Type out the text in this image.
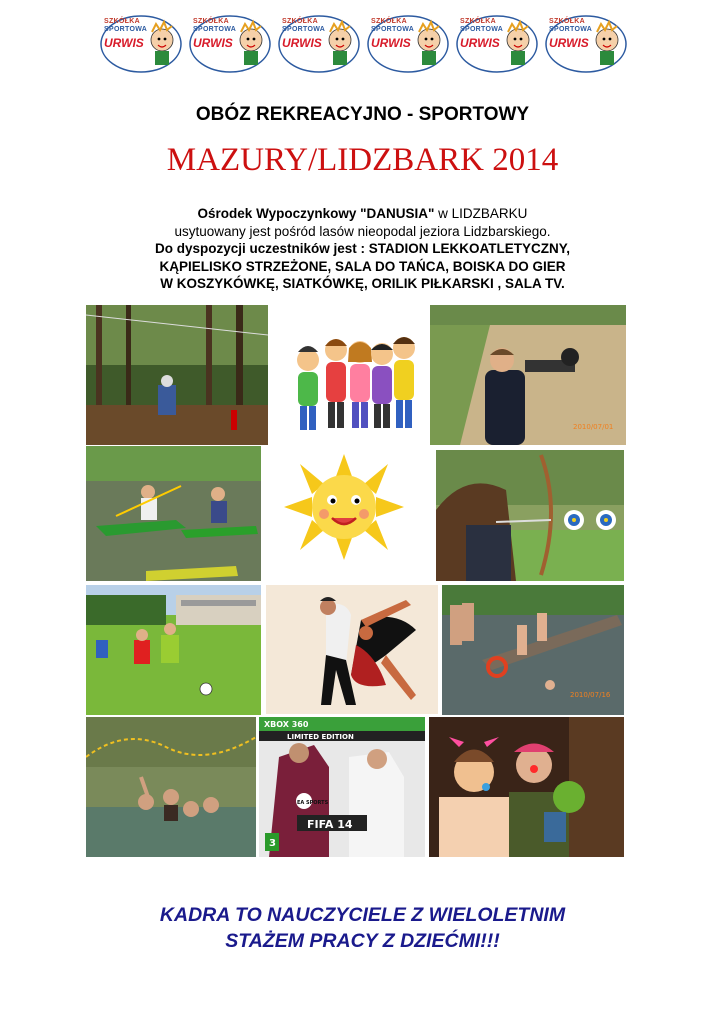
SZKÓŁKA
SPORTOWA
URWIS
SZKÓŁKA
SPORTOWA
URWIS
SZKÓŁKA
SPORTOWA
URWIS
SZKÓŁKA
SPORTOWA
URWIS
SZKÓŁKA
SPORTOWA
URWIS
SZKÓŁKA
SPORTOWA
URWIS
OBÓZ REKREACYJNO - SPORTOWY
MAZURY/LIDZBARK 2014
Ośrodek Wypoczynkowy "DANUSIA" w LIDZBARKU
usytuowany jest pośród lasów nieopodal jeziora Lidzbarskiego.
Do dyspozycji uczestników jest : STADION LEKKOATLETYCZNY,
KĄPIELISKO STRZEŻONE, SALA DO TAŃCA, BOISKA DO GIER
W KOSZYKÓWKĘ, SIATKÓWKĘ, ORILIK PIŁKARSKI , SALA TV.
2010/07/01
2010/07/16
XBOX 360
LIMITED EDITION
EA SPORTS
FIFA 14
3
KADRA TO NAUCZYCIELE Z WIELOLETNIM
STAŻEM PRACY Z DZIEĆMI!!!
